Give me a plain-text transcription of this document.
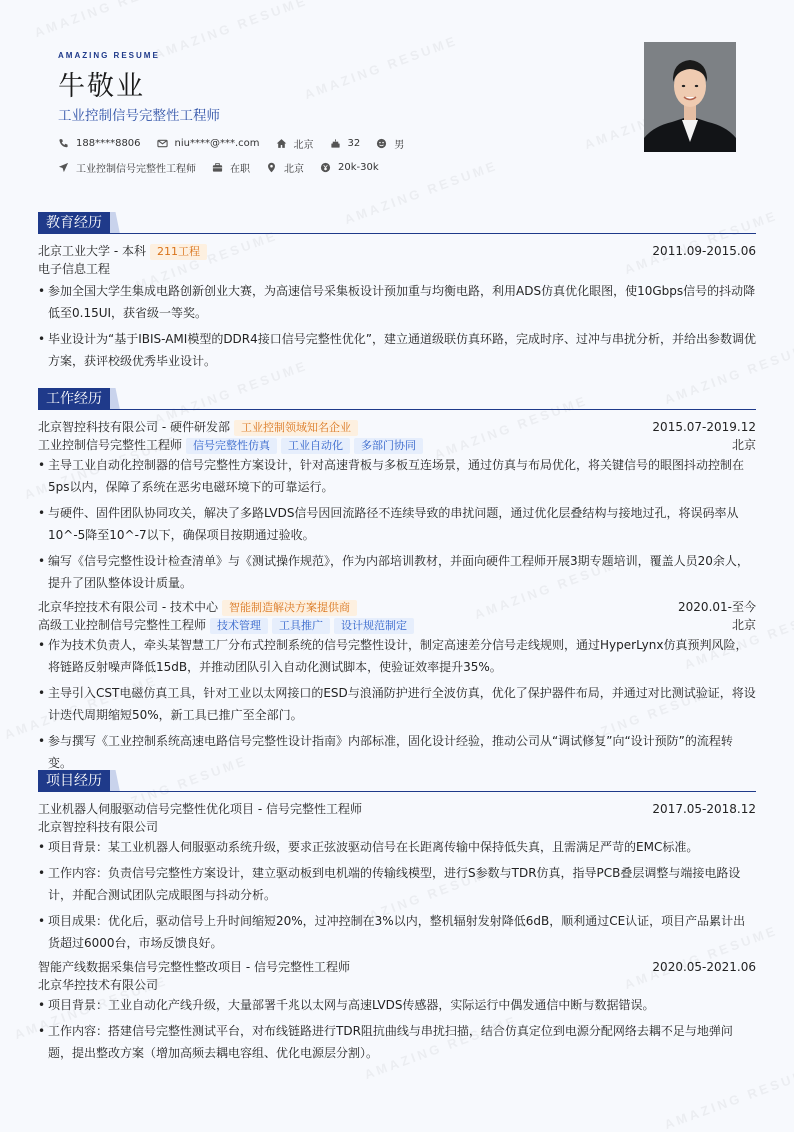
AMAZING RESUME
牛敬业
工业控制信号完整性工程师
188****8806	niu****@***.com	北京	32	男
工业控制信号完整性工程师	在职	北京	20k-30k
教育经历
北京工业大学 - 本科 211工程	2011.09-2015.06
电子信息工程
• 参加全国大学生集成电路创新创业大赛，为高速信号采集板设计预加重与均衡电路，利用ADS仿真优化眼图，使10Gbps信号的抖动降低至0.15UI，获省级一等奖。
• 毕业设计为“基于IBIS-AMI模型的DDR4接口信号完整性优化”，建立通道级联仿真环路，完成时序、过冲与串扰分析，并给出参数调优方案，获评校级优秀毕业设计。
工作经历
北京智控科技有限公司 - 硬件研发部 工业控制领域知名企业	2015.07-2019.12
工业控制信号完整性工程师 信号完整性仿真 工业自动化 多部门协同	北京
• 主导工业自动化控制器的信号完整性方案设计，针对高速背板与多板互连场景，通过仿真与布局优化，将关键信号的眼图抖动控制在5ps以内，保障了系统在恶劣电磁环境下的可靠运行。
• 与硬件、固件团队协同攻关，解决了多路LVDS信号因回流路径不连续导致的串扰问题，通过优化层叠结构与接地过孔，将误码率从10^-5降至10^-7以下，确保项目按期通过验收。
• 编写《信号完整性设计检查清单》与《测试操作规范》，作为内部培训教材，并面向硬件工程师开展3期专题培训，覆盖人员20余人，提升了团队整体设计质量。
北京华控技术有限公司 - 技术中心 智能制造解决方案提供商	2020.01-至今
高级工业控制信号完整性工程师 技术管理 工具推广 设计规范制定	北京
• 作为技术负责人，牵头某智慧工厂分布式控制系统的信号完整性设计，制定高速差分信号走线规则，通过HyperLynx仿真预判风险，将链路反射噪声降低15dB，并推动团队引入自动化测试脚本，使验证效率提升35%。
• 主导引入CST电磁仿真工具，针对工业以太网接口的ESD与浪涌防护进行全波仿真，优化了保护器件布局，并通过对比测试验证，将设计迭代周期缩短50%，新工具已推广至全部门。
• 参与撰写《工业控制系统高速电路信号完整性设计指南》内部标准，固化设计经验，推动公司从“调试修复”向“设计预防”的流程转变。
项目经历
工业机器人伺服驱动信号完整性优化项目 - 信号完整性工程师	2017.05-2018.12
北京智控科技有限公司
• 项目背景：某工业机器人伺服驱动系统升级，要求正弦波驱动信号在长距离传输中保持低失真，且需满足严苛的EMC标准。
• 工作内容：负责信号完整性方案设计，建立驱动板到电机端的传输线模型，进行S参数与TDR仿真，指导PCB叠层调整与端接电路设计，并配合测试团队完成眼图与抖动分析。
• 项目成果：优化后，驱动信号上升时间缩短20%，过冲控制在3%以内，整机辐射发射降低6dB，顺利通过CE认证，项目产品累计出货超过6000台，市场反馈良好。
智能产线数据采集信号完整性整改项目 - 信号完整性工程师	2020.05-2021.06
北京华控技术有限公司
• 项目背景：工业自动化产线升级，大量部署千兆以太网与高速LVDS传感器，实际运行中偶发通信中断与数据错误。
• 工作内容：搭建信号完整性测试平台，对布线链路进行TDR阻抗曲线与串扰扫描，结合仿真定位到电源分配网络去耦不足与地弹问题，提出整改方案（增加高频去耦电容组、优化电源层分割）。
